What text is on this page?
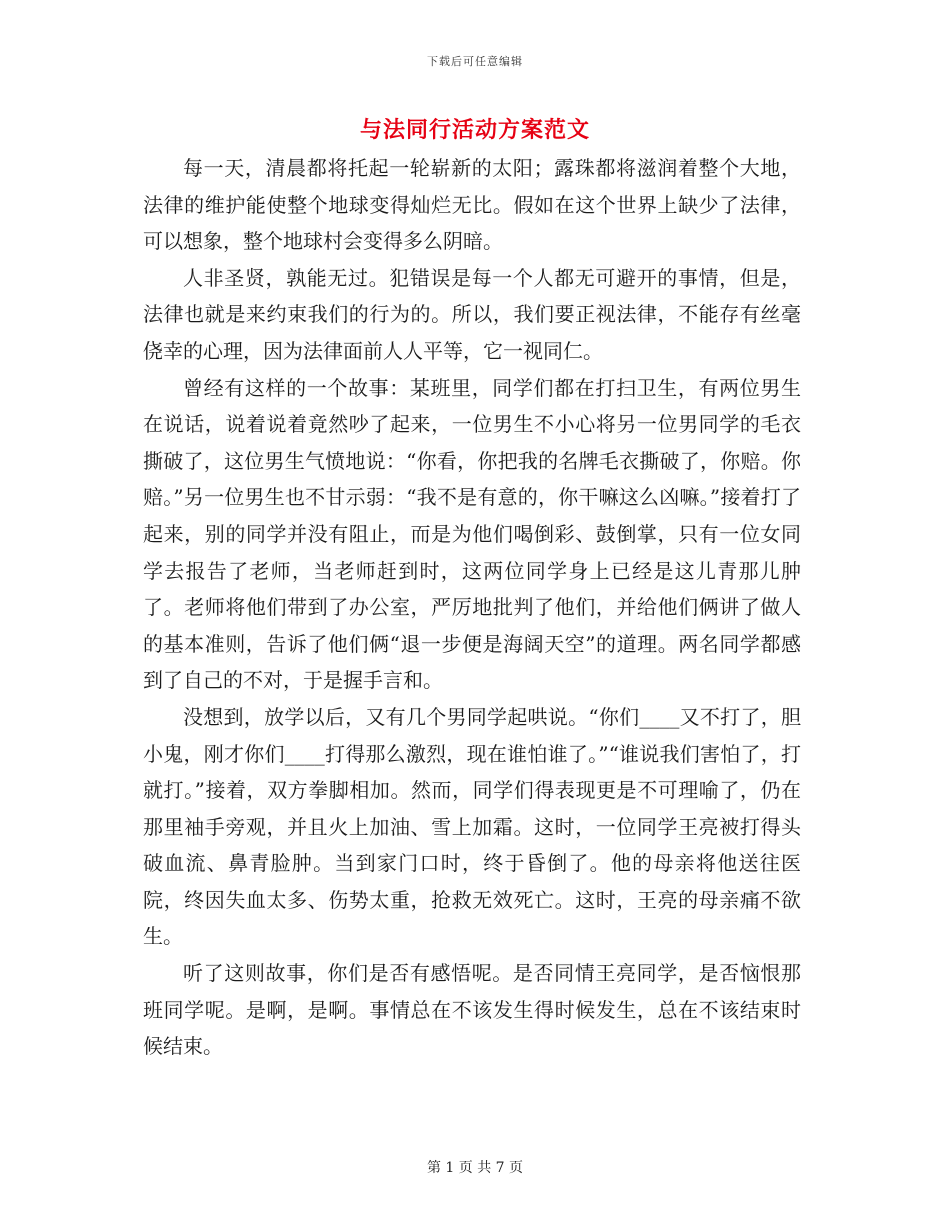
下载后可任意编辑
与法同行活动方案范文

每一天，清晨都将托起一轮崭新的太阳；露珠都将滋润着整个大地，法律的维护能使整个地球变得灿烂无比。假如在这个世界上缺少了法律，可以想象，整个地球村会变得多么阴暗。

人非圣贤，孰能无过。犯错误是每一个人都无可避开的事情，但是，法律也就是来约束我们的行为的。所以，我们要正视法律，不能存有丝毫侥幸的心理，因为法律面前人人平等，它一视同仁。

曾经有这样的一个故事：某班里，同学们都在打扫卫生，有两位男生在说话，说着说着竟然吵了起来，一位男生不小心将另一位男同学的毛衣撕破了，这位男生气愤地说：“你看，你把我的名牌毛衣撕破了，你赔。你赔。”另一位男生也不甘示弱：“我不是有意的，你干嘛这么凶嘛。”接着打了起来，别的同学并没有阻止，而是为他们喝倒彩、鼓倒掌，只有一位女同学去报告了老师，当老师赶到时，这两位同学身上已经是这儿青那儿肿了。老师将他们带到了办公室，严厉地批判了他们，并给他们俩讲了做人的基本准则，告诉了他们俩“退一步便是海阔天空”的道理。两名同学都感到了自己的不对，于是握手言和。

没想到，放学以后，又有几个男同学起哄说。“你们____又不打了，胆小鬼，刚才你们____打得那么激烈，现在谁怕谁了。”“谁说我们害怕了，打就打。”接着，双方拳脚相加。然而，同学们得表现更是不可理喻了，仍在那里袖手旁观，并且火上加油、雪上加霜。这时，一位同学王亮被打得头破血流、鼻青脸肿。当到家门口时，终于昏倒了。他的母亲将他送往医院，终因失血太多、伤势太重，抢救无效死亡。这时，王亮的母亲痛不欲生。

听了这则故事，你们是否有感悟呢。是否同情王亮同学，是否恼恨那班同学呢。是啊，是啊。事情总在不该发生得时候发生，总在不该结束时候结束。

第 1 页 共 7 页
